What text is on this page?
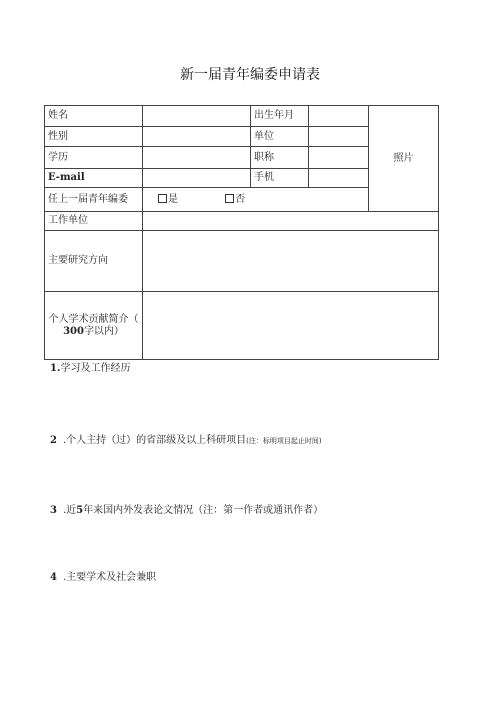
新一届青年编委申请表
姓名		出生年月		照片
性别		单位		
学历		职称		
E-mail		手机		
任上一届青年编委	是 否			
工作单位				
主要研究方向				
个人学术贡献简介（
300字以内）				
1.学习及工作经历
2 .个人主持（过）的省部级及以上科研项目(注：标明项目起止时间)
3 .近5年来国内外发表论文情况（注：第一作者或通讯作者）
4 .主要学术及社会兼职
